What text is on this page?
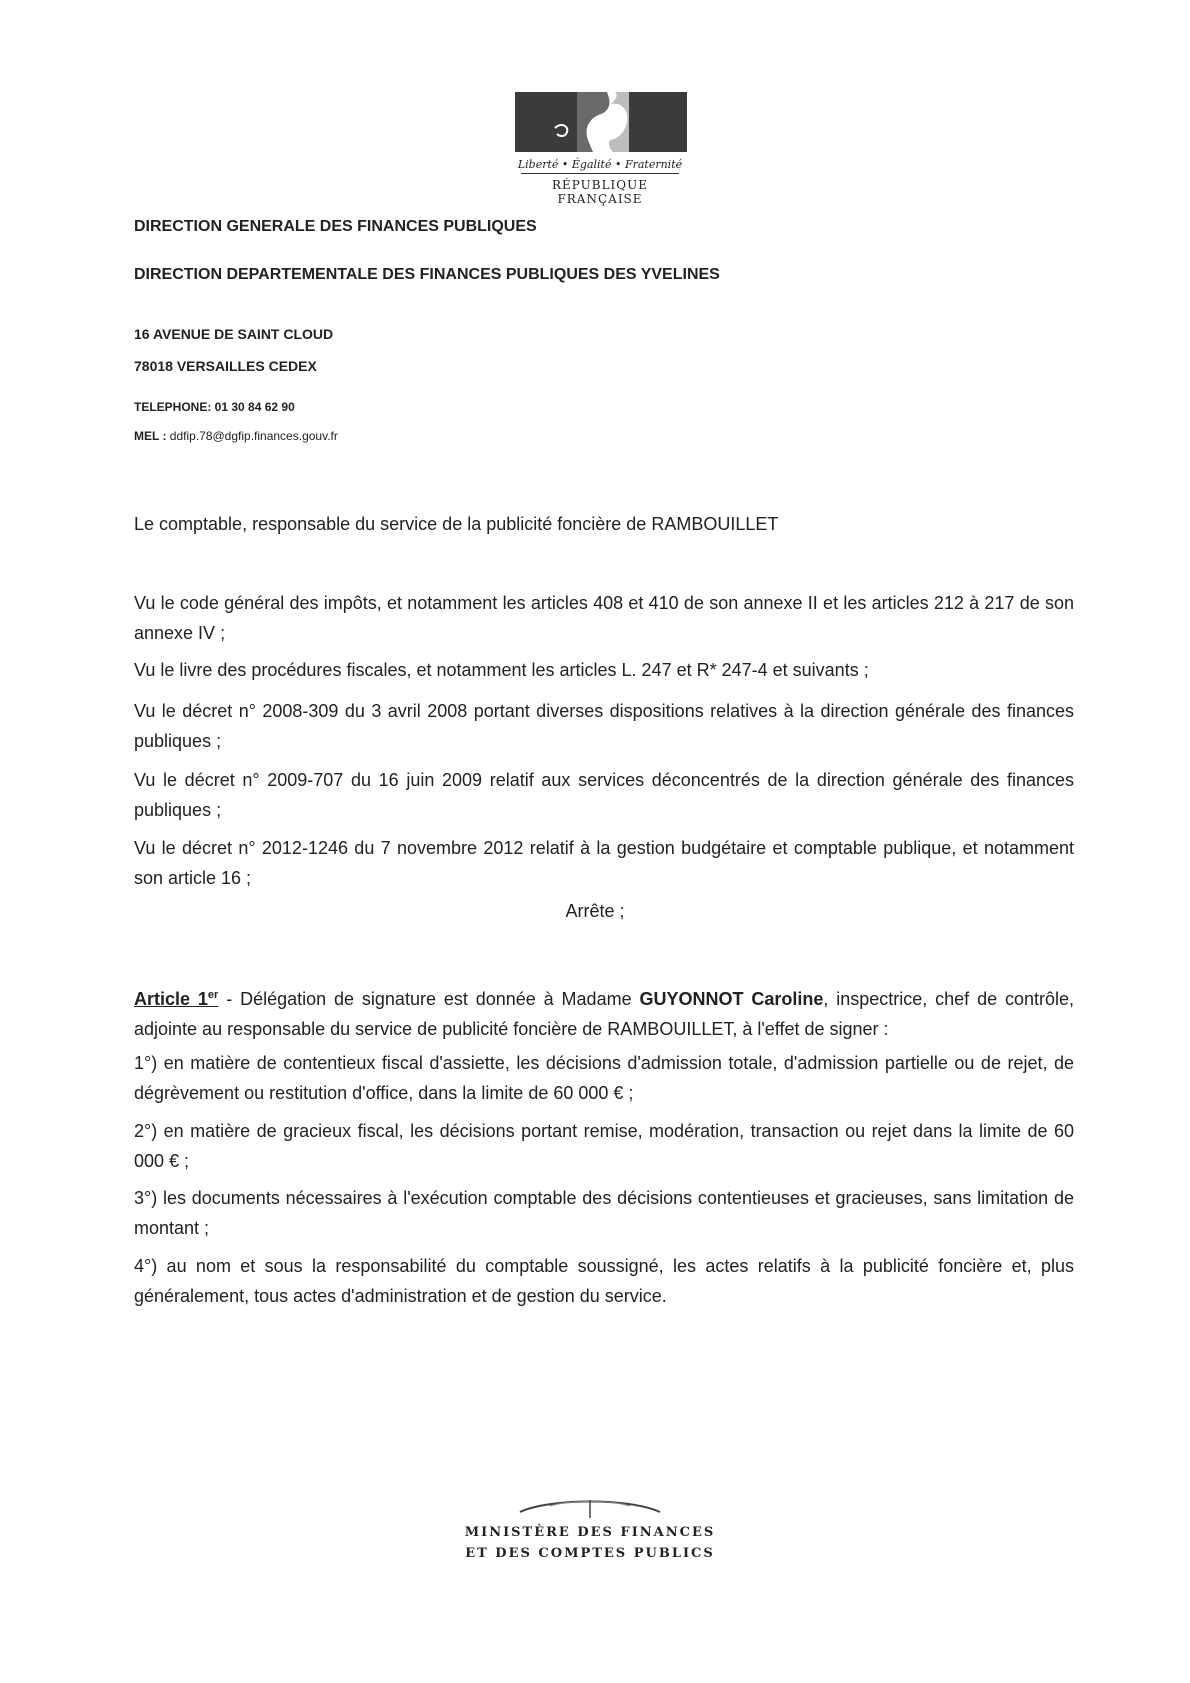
Liberté • Égalité • Fraternité
RÉPUBLIQUE FRANÇAISE
DIRECTION GENERALE DES FINANCES PUBLIQUES
DIRECTION DEPARTEMENTALE DES FINANCES PUBLIQUES DES YVELINES
16 AVENUE DE SAINT CLOUD
78018 VERSAILLES CEDEX
TELEPHONE: 01 30 84 62 90
MEL : ddfip.78@dgfip.finances.gouv.fr
Le comptable, responsable du service de la publicité foncière de RAMBOUILLET
Vu le code général des impôts, et notamment les articles 408 et 410 de son annexe II et les articles 212 à 217 de son annexe IV ;
Vu le livre des procédures fiscales, et notamment les articles L. 247 et R* 247-4 et suivants ;
Vu le décret n° 2008-309 du 3 avril 2008 portant diverses dispositions relatives à la direction générale des finances publiques ;
Vu le décret n° 2009-707 du 16 juin 2009 relatif aux services déconcentrés de la direction générale des finances publiques ;
Vu le décret n° 2012-1246 du 7 novembre 2012 relatif à la gestion budgétaire et comptable publique, et notamment son article 16 ;
Arrête ;
Article 1er - Délégation de signature est donnée à Madame GUYONNOT Caroline, inspectrice, chef de contrôle, adjointe au responsable du service de publicité foncière de RAMBOUILLET, à l'effet de signer :
1°) en matière de contentieux fiscal d'assiette, les décisions d'admission totale, d'admission partielle ou de rejet, de dégrèvement ou restitution d'office, dans la limite de 60 000 € ;
2°) en matière de gracieux fiscal, les décisions portant remise, modération, transaction ou rejet dans la limite de 60 000 € ;
3°) les documents nécessaires à l'exécution comptable des décisions contentieuses et gracieuses, sans limitation de montant ;
4°) au nom et sous la responsabilité du comptable soussigné, les actes relatifs à la publicité foncière et, plus généralement, tous actes d'administration et de gestion du service.
MINISTÈRE DES FINANCES
ET DES COMPTES PUBLICS
